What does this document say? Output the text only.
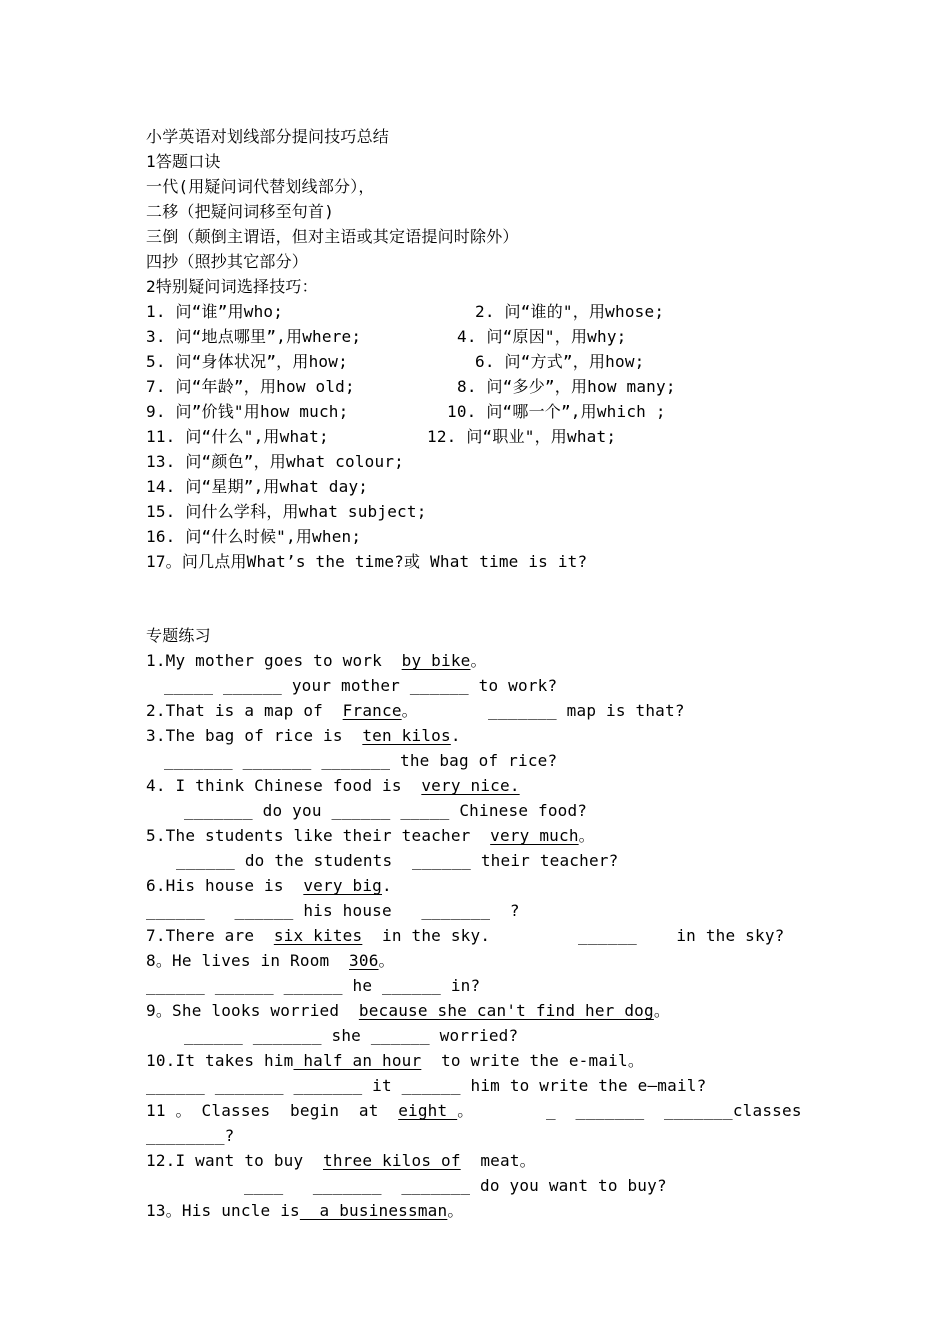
小学英语对划线部分提问技巧总结
1答题口诀
一代(用疑问词代替划线部分），
二移（把疑问词移至句首)
三倒（颠倒主谓语，但对主语或其定语提问时除外）
四抄（照抄其它部分）
2特别疑问词选择技巧：

1. 问“谁”用who;

	2. 问“谁的"，用whose;

3. 问“地点哪里”,用where;

	4. 问“原因"，用why;

5. 问“身体状况”，用how;

	6. 问“方式”，用how;

7. 问“年龄”，用how old;

	8. 问“多少”，用how many;

9. 问”价钱"用how much;

	10. 问“哪一个”,用which ;

11. 问“什么",用what;

	12. 问“职业"，用what;

13. 问“颜色”，用what colour;
14. 问“星期”,用what day;
15. 问什么学科，用what subject;
16. 问“什么时候",用when;
17。问几点用What’s the time?或 What time is it?
专题练习
1.My mother goes to work  by bike。
_____ ______ your mother ______ to work?

2.That is a map of  France。

	_______ map is that?

3.The bag of rice is  ten kilos.
_______ _______ _______ the bag of rice?
4. I think Chinese food is  very nice.
_______ do you ______ _____ Chinese food?
5.The students like their teacher  very much。
______ do the students  ______ their teacher?
6.His house is  very big.
______   ______ his house   _______  ?

7.There are  six kites  in the sky.

	______    in the sky?

8。He lives in Room  306。
______ ______ ______ he ______ in?
9。She looks worried  because she can't find her dog。
______ _______ she ______ worried?
10.It takes him half an hour  to write the e-mail。
______ _______ _______ it ______ him to write the e—mail?

11 。 Classes  begin  at  eight 。

	_  _______  _______classes

________?
12.I want to buy  three kilos of  meat。
____   _______  _______ do you want to buy?
13。His uncle is  a businessman。
